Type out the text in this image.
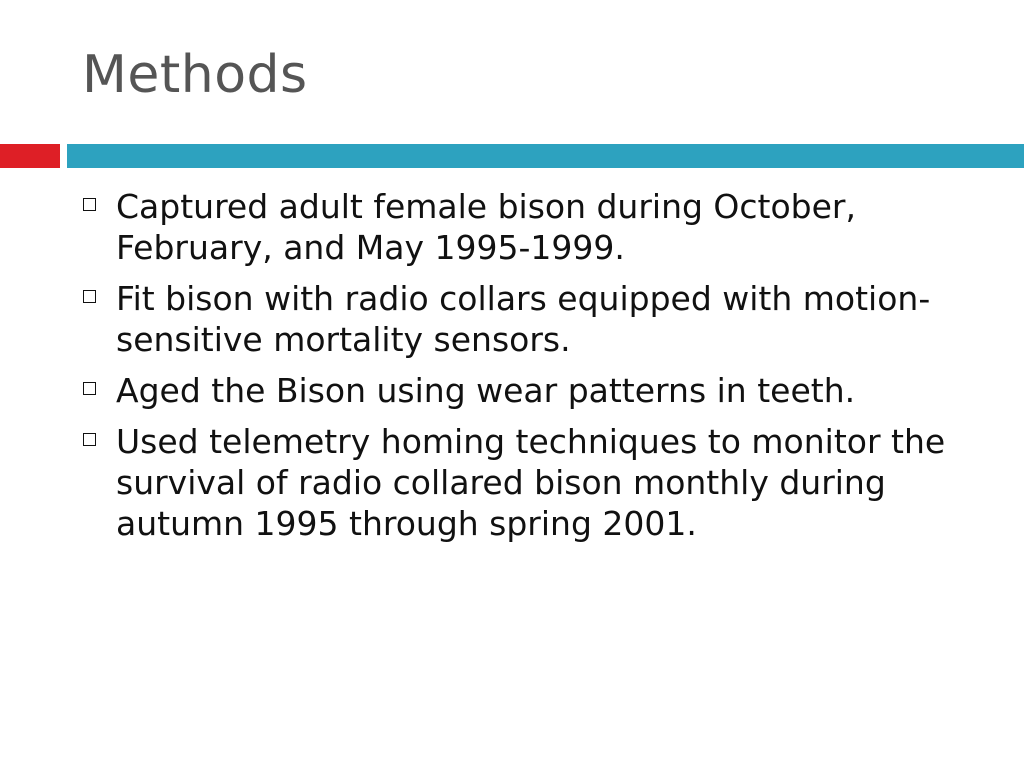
Methods
Captured adult female bison during October, February, and May 1995-1999.
Fit bison with radio collars equipped with motion-sensitive mortality sensors.
Aged the Bison using wear patterns in teeth.
Used telemetry homing techniques to monitor the survival of radio collared bison monthly during autumn 1995 through spring 2001.
